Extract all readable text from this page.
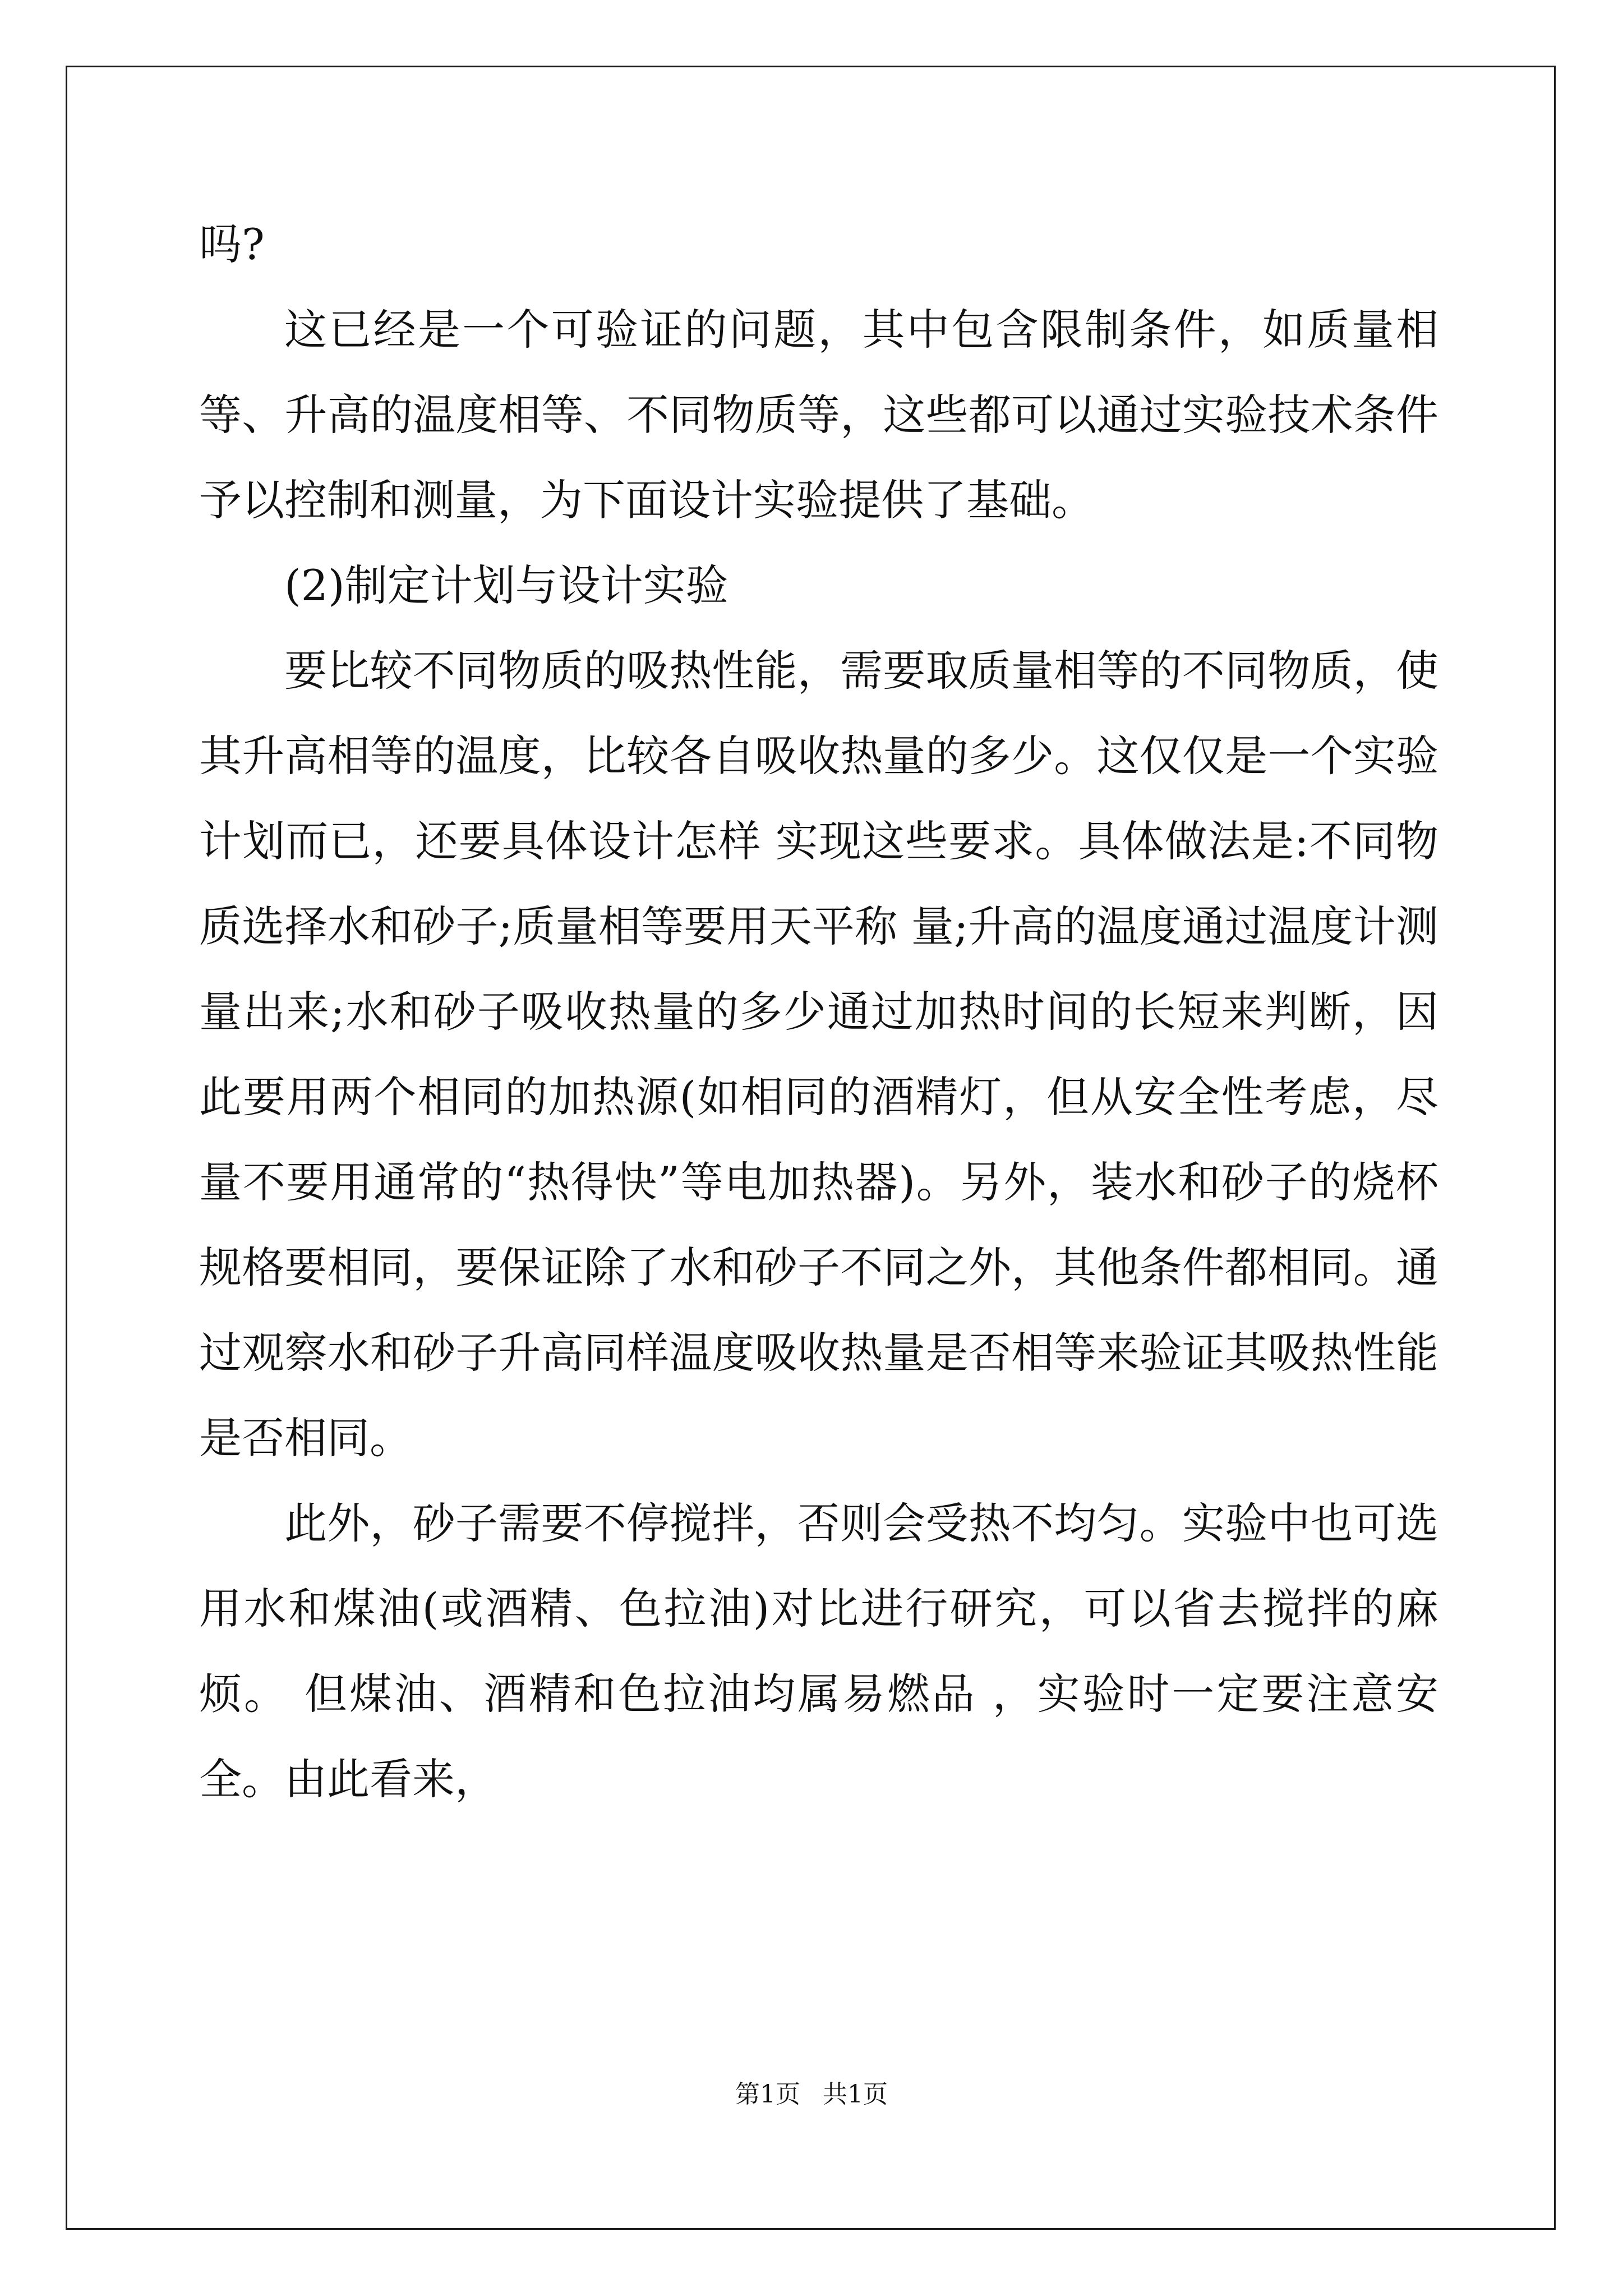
吗?

这已经是一个可验证的问题，其中包含限制条件，如质量相等、升高的温度相等、不同物质等，这些都可以通过实验技术条件予以控制和测量，为下面设计实验提供了基础。

(2)制定计划与设计实验

要比较不同物质的吸热性能，需要取质量相等的不同物质，使其升高相等的温度，比较各自吸收热量的多少。这仅仅是一个实验计划而已，还要具体设计怎样 实现这些要求。具体做法是:不同物质选择水和砂子;质量相等要用天平称 量;升高的温度通过温度计测量出来;水和砂子吸收热量的多少通过加热时间的长短来判断，因此要用两个相同的加热源(如相同的酒精灯，但从安全性考虑，尽量不要用通常的“热得快”等电加热器)。另外，装水和砂子的烧杯规格要相同，要保证除了水和砂子不同之外，其他条件都相同。通过观察水和砂子升高同样温度吸收热量是否相等来验证其吸热性能是否相同。

此外，砂子需要不停搅拌，否则会受热不均匀。实验中也可选用水和煤油(或酒精、色拉油)对比进行研究，可以省去搅拌的麻烦。 但煤油、酒精和色拉油均属易燃品 ，实验时一定要注意安全。由此看来，

第1页 共1页
